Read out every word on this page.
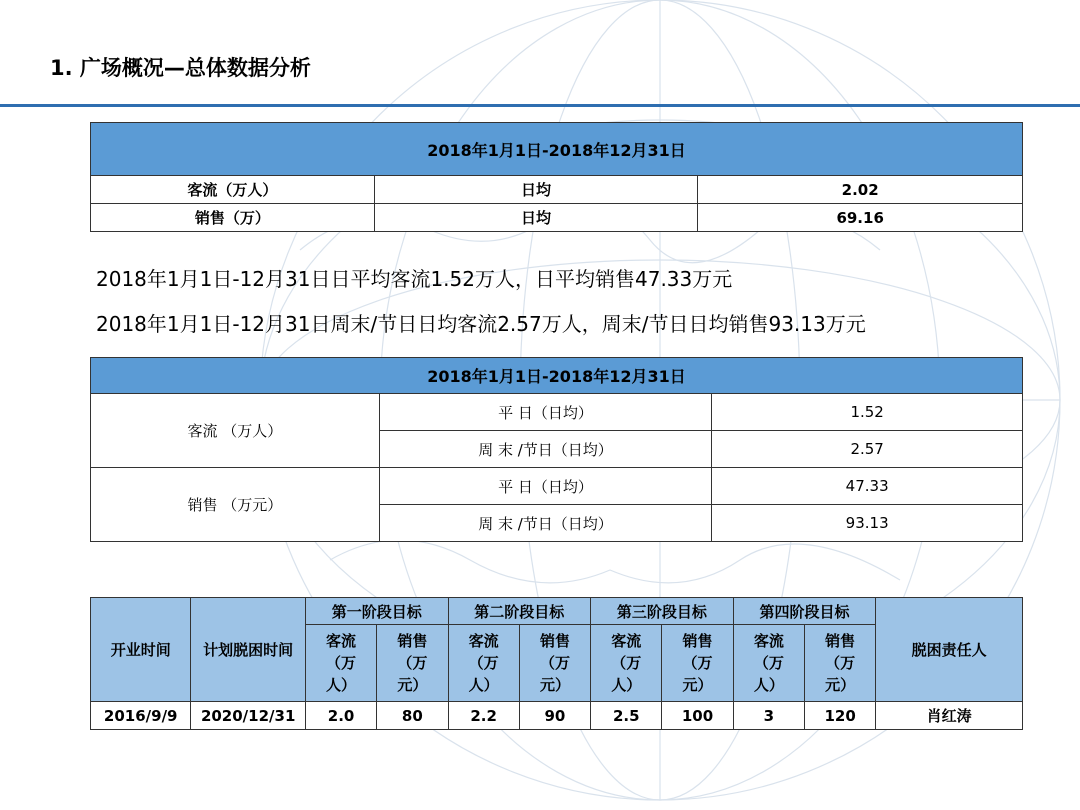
1. 广场概况—总体数据分析
2018年1月1日-2018年12月31日		
客流（万人）	日均	2.02
销售（万）	日均	69.16
2018年1月1日-12月31日日平均客流1.52万人，日平均销售47.33万元
2018年1月1日-12月31日周末/节日日均客流2.57万人，周末/节日日均销售93.13万元
2018年1月1日-2018年12月31日		
客流 （万人）	平 日（日均）	1.52
	周 末 /节日（日均）	2.57
销售 （万元）	平 日（日均）	47.33
	周 末 /节日（日均）	93.13
开业时间	计划脱困时间	第一阶段目标		第二阶段目标		第三阶段目标		第四阶段目标		脱困责任人
		客流
（万
人）	销售
（万
元）	客流
（万
人）	销售
（万
元）	客流
（万
人）	销售
（万
元）	客流
（万
人）	销售
（万
元）	
2016/9/9	2020/12/31	2.0	80	2.2	90	2.5	100	3	120	肖红涛
